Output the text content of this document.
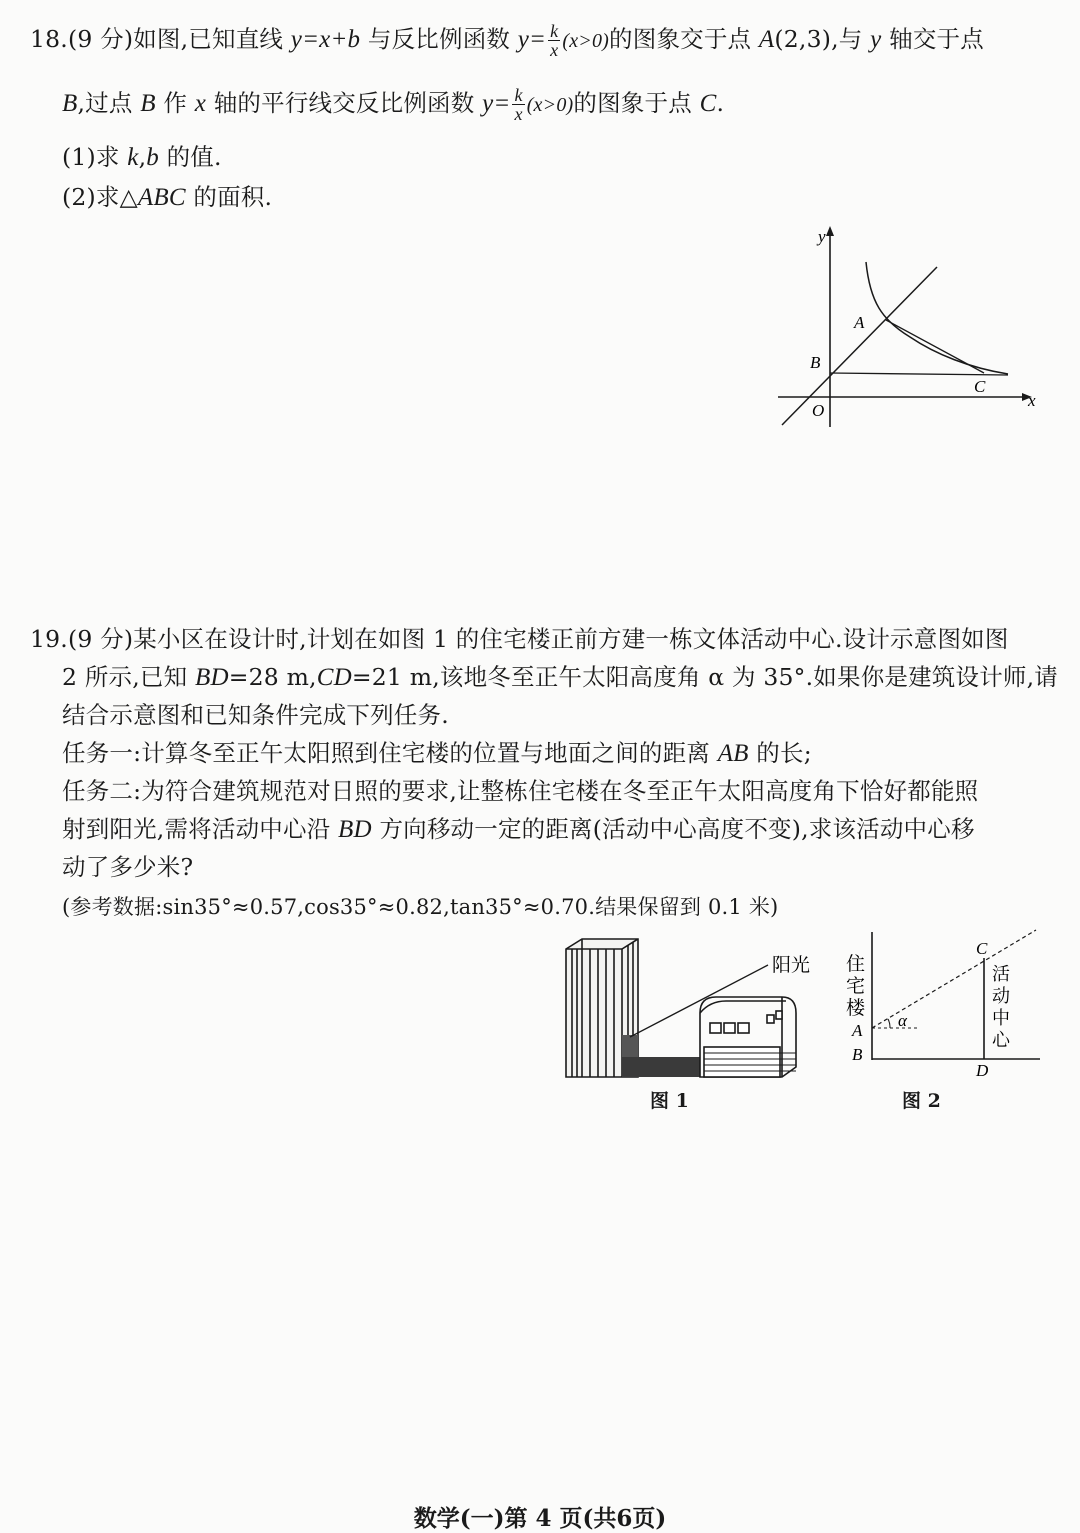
18.(9 分)如图,已知直线 y=x+b 与反比例函数 $y= \frac{k}{x} (x>0)$的图象交于点 A(2,3),与 y 轴交于点
B,过点 B 作 x 轴的平行线交反比例函数 $y= \frac{k}{x} (x>0)$的图象于点 C.
(1)求 k,b 的值.
(2)求△ABC 的面积.
y
x
O
A
B
C
19.(9 分)某小区在设计时,计划在如图 1 的住宅楼正前方建一栋文体活动中心.设计示意图如图
2 所示,已知 BD=28 m,CD=21 m,该地冬至正午太阳高度角 α 为 35°.如果你是建筑设计师,请
结合示意图和已知条件完成下列任务.
任务一:计算冬至正午太阳照到住宅楼的位置与地面之间的距离 AB 的长;
任务二:为符合建筑规范对日照的要求,让整栋住宅楼在冬至正午太阳高度角下恰好都能照
射到阳光,需将活动中心沿 BD 方向移动一定的距离(活动中心高度不变),求该活动中心移
动了多少米?
(参考数据:sin35°≈0.57,cos35°≈0.82,tan35°≈0.70.结果保留到 0.1 米)
阳光
图 1
住
宅
楼
活
动
中
心
A
B
C
D
α
图 2
数学(一)第 4 页(共6页)
